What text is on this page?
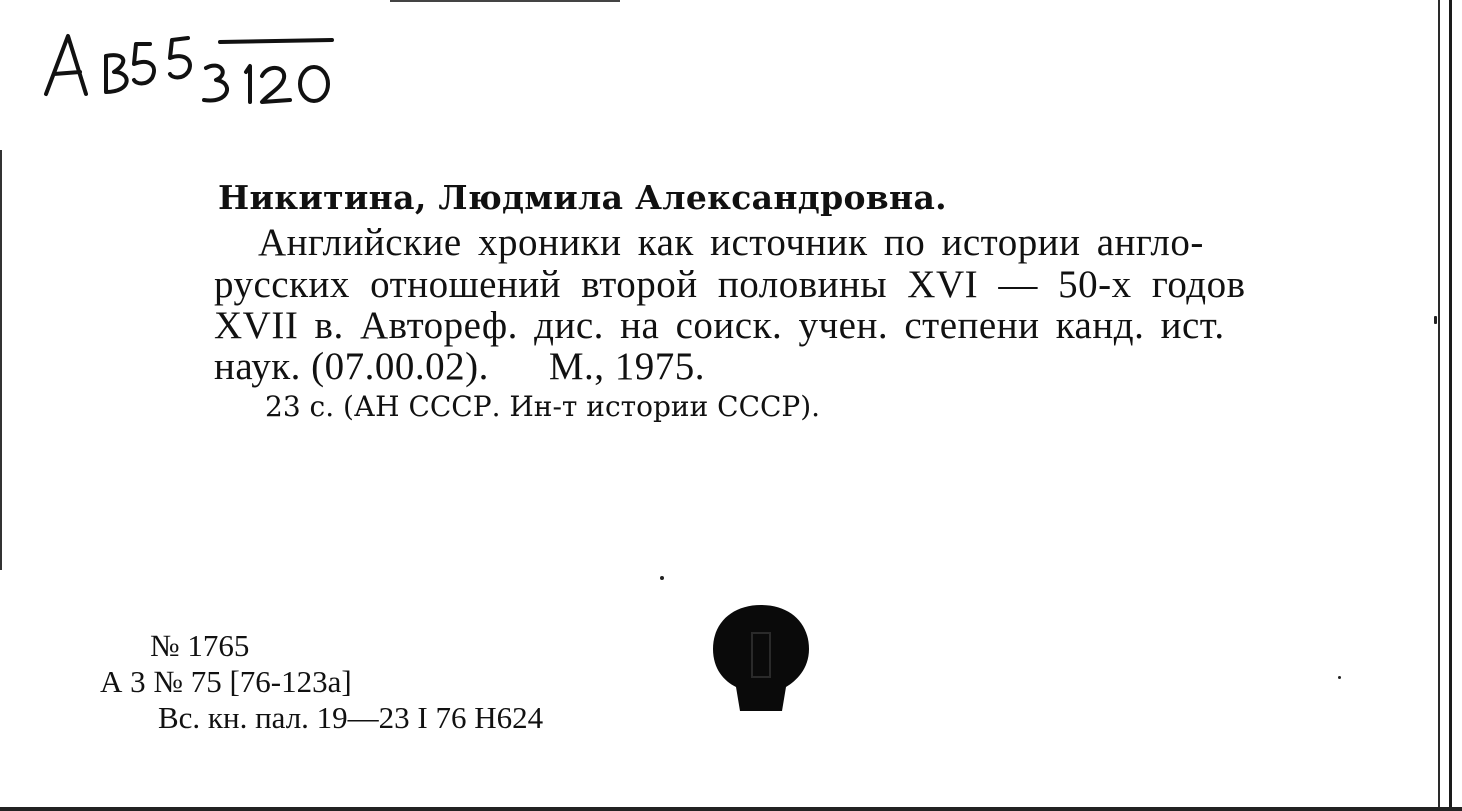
Никитина, Людмила Александровна.
Английские хроники как источник по истории англо-
русских отношений второй половины XVI — 50-х годов
XVII в. Автореф. дис. на соиск. учен. степени канд. ист.
наук. (07.00.02). М., 1975.
23 с. (АН СССР. Ин-т истории СССР).
№ 1765
А 3 № 75 [76-123а]
Вс. кн. пал. 19—23 I 76 Н624
